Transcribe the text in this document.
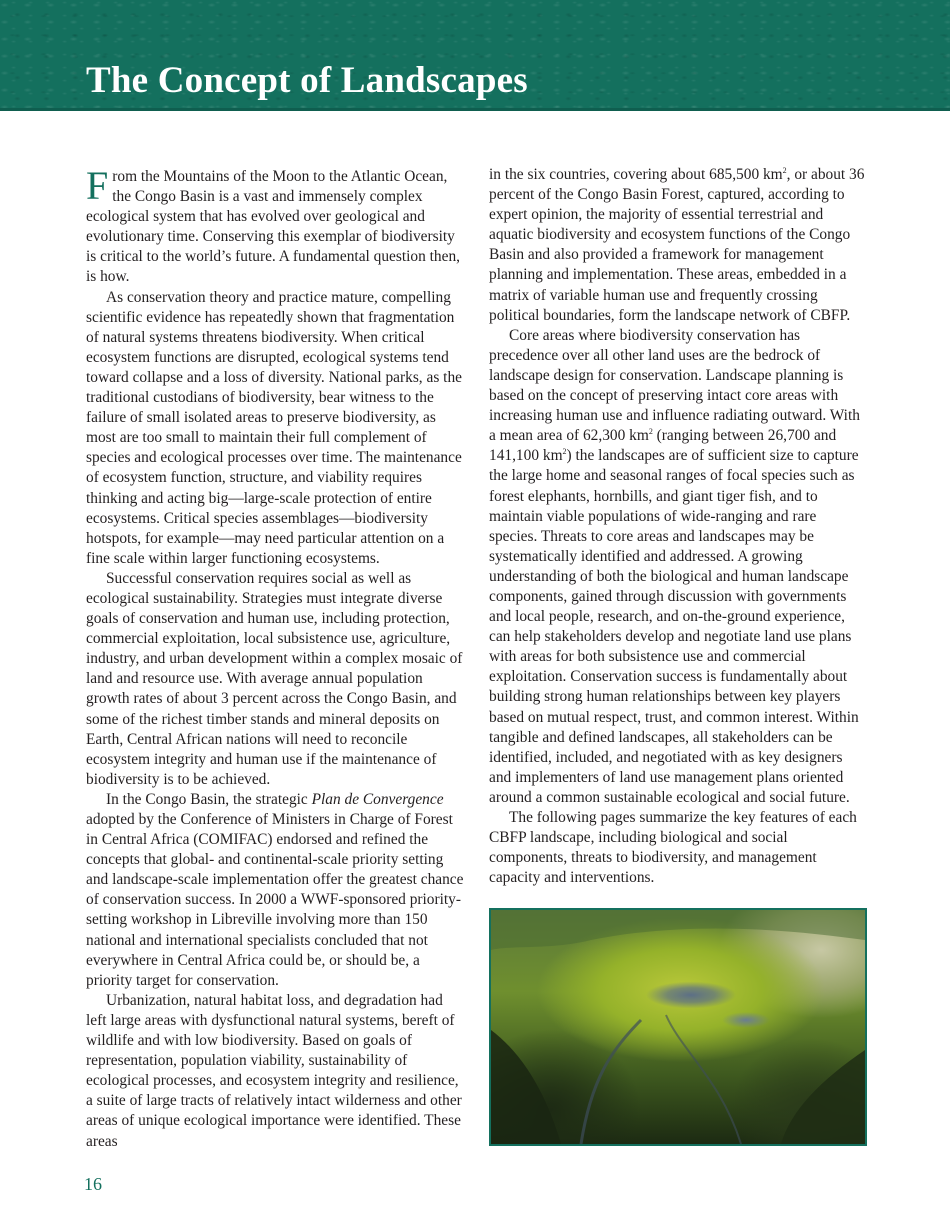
The Concept of Landscapes

From the Mountains of the Moon to the Atlantic Ocean, the Congo Basin is a vast and immensely complex ecological system that has evolved over geological and evolutionary time. Conserving this exemplar of biodiversity is critical to the world’s future. A fundamental question then, is how.

As conservation theory and practice mature, compelling scientific evidence has repeatedly shown that fragmentation of natural systems threatens biodiversity. When critical ecosystem functions are disrupted, ecological systems tend toward collapse and a loss of diversity. National parks, as the traditional custodians of biodiversity, bear witness to the failure of small isolated areas to preserve biodiversity, as most are too small to maintain their full complement of species and ecological processes over time. The maintenance of ecosystem function, structure, and viability requires thinking and acting big—large-scale protection of entire ecosystems. Critical species assemblages—biodiversity hotspots, for example—may need particular attention on a fine scale within larger functioning ecosystems.

Successful conservation requires social as well as ecological sustainability. Strategies must integrate diverse goals of conservation and human use, including protection, commercial exploitation, local subsistence use, agriculture, industry, and urban development within a complex mosaic of land and resource use. With average annual population growth rates of about 3 percent across the Congo Basin, and some of the richest timber stands and mineral deposits on Earth, Central African nations will need to reconcile ecosystem integrity and human use if the maintenance of biodiversity is to be achieved.

In the Congo Basin, the strategic Plan de Convergence adopted by the Conference of Ministers in Charge of Forest in Central Africa (COMIFAC) endorsed and refined the concepts that global- and continental-scale priority setting and landscape-scale implementation offer the greatest chance of conservation success. In 2000 a WWF-sponsored priority-setting workshop in Libreville involving more than 150 national and international specialists concluded that not everywhere in Central Africa could be, or should be, a priority target for conservation.

Urbanization, natural habitat loss, and degradation had left large areas with dysfunctional natural systems, bereft of wildlife and with low biodiversity. Based on goals of representation, population viability, sustainability of ecological processes, and ecosystem integrity and resilience, a suite of large tracts of relatively intact wilderness and other areas of unique ecological importance were identified. These areas

in the six countries, covering about 685,500 $km^2$, or about 36 percent of the Congo Basin Forest, captured, according to expert opinion, the majority of essential terrestrial and aquatic biodiversity and ecosystem functions of the Congo Basin and also provided a framework for management planning and implementation. These areas, embedded in a matrix of variable human use and frequently crossing political boundaries, form the landscape network of CBFP.

Core areas where biodiversity conservation has precedence over all other land uses are the bedrock of landscape design for conservation. Landscape planning is based on the concept of preserving intact core areas with increasing human use and influence radiating outward. With a mean area of 62,300 $km^2$ (ranging between 26,700 and 141,100 $km^2$) the landscapes are of sufficient size to capture the large home and seasonal ranges of focal species such as forest elephants, hornbills, and giant tiger fish, and to maintain viable populations of wide-ranging and rare species. Threats to core areas and landscapes may be systematically identified and addressed. A growing understanding of both the biological and human landscape components, gained through discussion with governments and local people, research, and on-the-ground experience, can help stakeholders develop and negotiate land use plans with areas for both subsistence use and commercial exploitation. Conservation success is fundamentally about building strong human relationships between key players based on mutual respect, trust, and common interest. Within tangible and defined landscapes, all stakeholders can be identified, included, and negotiated with as key designers and implementers of land use management plans oriented around a common sustainable ecological and social future.

The following pages summarize the key features of each CBFP landscape, including biological and social components, threats to biodiversity, and management capacity and interventions.

16
